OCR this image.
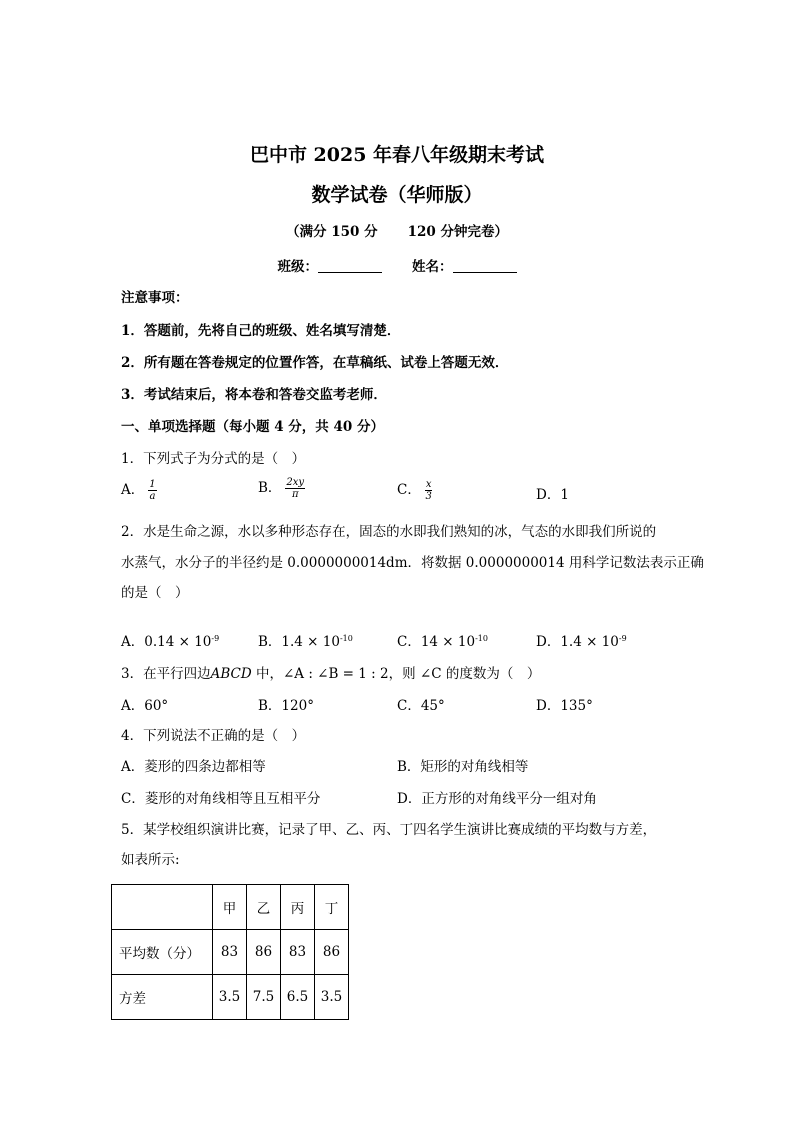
巴中市 2025 年春八年级期末考试
数学试卷（华师版）
（满分 150 分 120 分钟完卷）
班级：	姓名：
注意事项：
1．答题前，先将自己的班级、姓名填写清楚．
2．所有题在答卷规定的位置作答，在草稿纸、试卷上答题无效．
3．考试结束后，将本卷和答卷交监考老师．
一、单项选择题（每小题 4 分，共 40 分）
1．下列式子为分式的是（　）
A． $\frac{1}{a}$	B． $\frac{2xy}{\pi}$	C． $\frac{x}{3}$	D．1
2．水是生命之源，水以多种形态存在，固态的水即我们熟知的冰，气态的水即我们所说的
水蒸气，水分子的半径约是 0.0000000014dm．将数据 0.0000000014 用科学记数法表示正确
的是（　）
A．$0.14 \times 10^{-9}$	B．$1.4 \times 10^{-10}$	C．$14 \times 10^{-10}$	D．$1.4 \times 10^{-9}$
3．在平行四边ABCD 中，∠A : ∠B = 1 : 2，则 ∠C 的度数为（　）
A．60°	B．120°	C．45°	D．135°
4．下列说法不正确的是（　）
A．菱形的四条边都相等	B．矩形的对角线相等
C．菱形的对角线相等且互相平分	D．正方形的对角线平分一组对角
5．某学校组织演讲比赛，记录了甲、乙、丙、丁四名学生演讲比赛成绩的平均数与方差，
如表所示:
	甲	乙	丙	丁
平均数（分）	83	86	83	86
方差	3.5	7.5	6.5	3.5
